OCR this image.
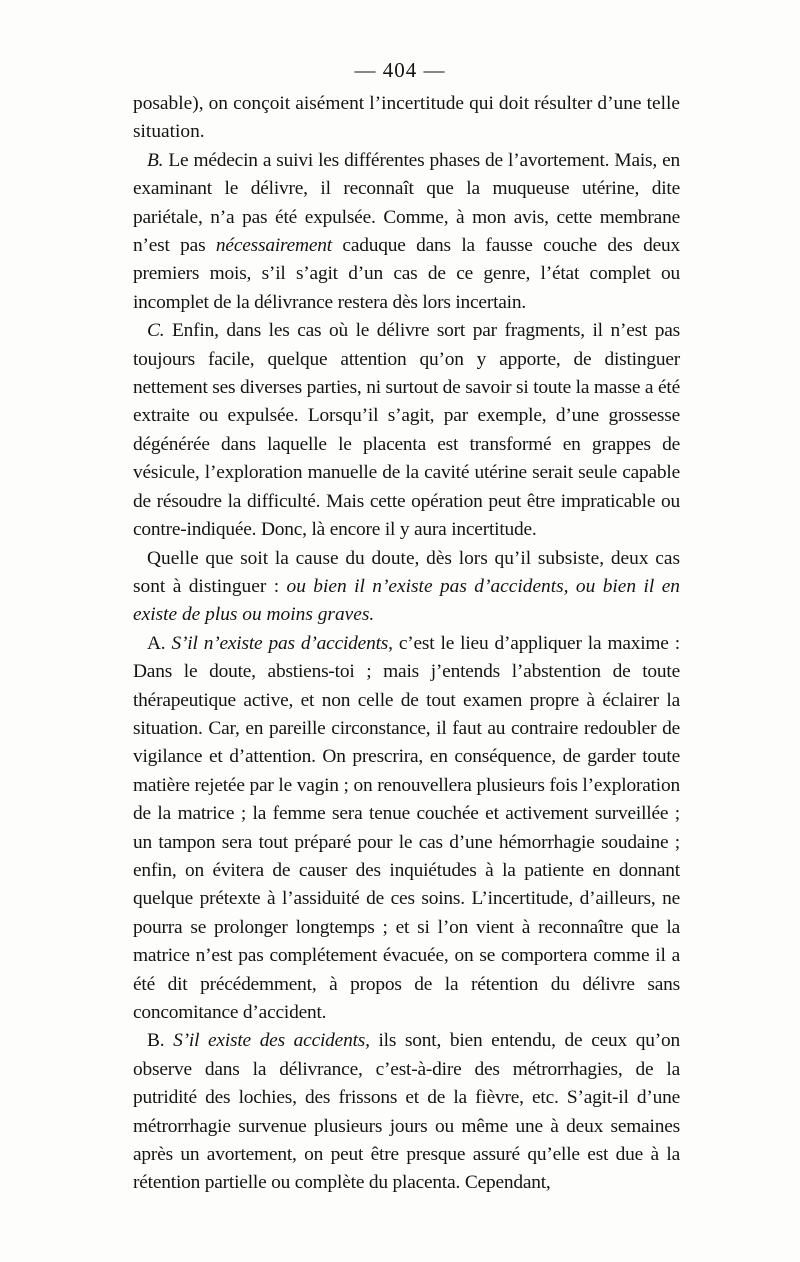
— 404 —

posable), on conçoit aisément l’incertitude qui doit résulter d’une telle situation.

B. Le médecin a suivi les différentes phases de l’avortement. Mais, en examinant le délivre, il reconnaît que la muqueuse utérine, dite pariétale, n’a pas été expulsée. Comme, à mon avis, cette membrane n’est pas nécessairement caduque dans la fausse couche des deux premiers mois, s’il s’agit d’un cas de ce genre, l’état complet ou incomplet de la délivrance restera dès lors incertain.

C. Enfin, dans les cas où le délivre sort par fragments, il n’est pas toujours facile, quelque attention qu’on y apporte, de distinguer nettement ses diverses parties, ni surtout de savoir si toute la masse a été extraite ou expulsée. Lorsqu’il s’agit, par exemple, d’une grossesse dégénérée dans laquelle le placenta est transformé en grappes de vésicule, l’exploration manuelle de la cavité utérine serait seule capable de résoudre la difficulté. Mais cette opération peut être impraticable ou contre-indiquée. Donc, là encore il y aura incertitude.

Quelle que soit la cause du doute, dès lors qu’il subsiste, deux cas sont à distinguer : ou bien il n’existe pas d’accidents, ou bien il en existe de plus ou moins graves.

A. S’il n’existe pas d’accidents, c’est le lieu d’appliquer la maxime : Dans le doute, abstiens-toi ; mais j’entends l’abstention de toute thérapeutique active, et non celle de tout examen propre à éclairer la situation. Car, en pareille circonstance, il faut au contraire redoubler de vigilance et d’attention. On prescrira, en conséquence, de garder toute matière rejetée par le vagin ; on renouvellera plusieurs fois l’exploration de la matrice ; la femme sera tenue couchée et activement surveillée ; un tampon sera tout préparé pour le cas d’une hémorrhagie soudaine ; enfin, on évitera de causer des inquiétudes à la patiente en donnant quelque prétexte à l’assiduité de ces soins. L’incertitude, d’ailleurs, ne pourra se prolonger longtemps ; et si l’on vient à reconnaître que la matrice n’est pas complétement évacuée, on se comportera comme il a été dit précédemment, à propos de la rétention du délivre sans concomitance d’accident.

B. S’il existe des accidents, ils sont, bien entendu, de ceux qu’on observe dans la délivrance, c’est-à-dire des métrorrhagies, de la putridité des lochies, des frissons et de la fièvre, etc. S’agit-il d’une métrorrhagie survenue plusieurs jours ou même une à deux semaines après un avortement, on peut être presque assuré qu’elle est due à la rétention partielle ou complète du placenta. Cependant,
